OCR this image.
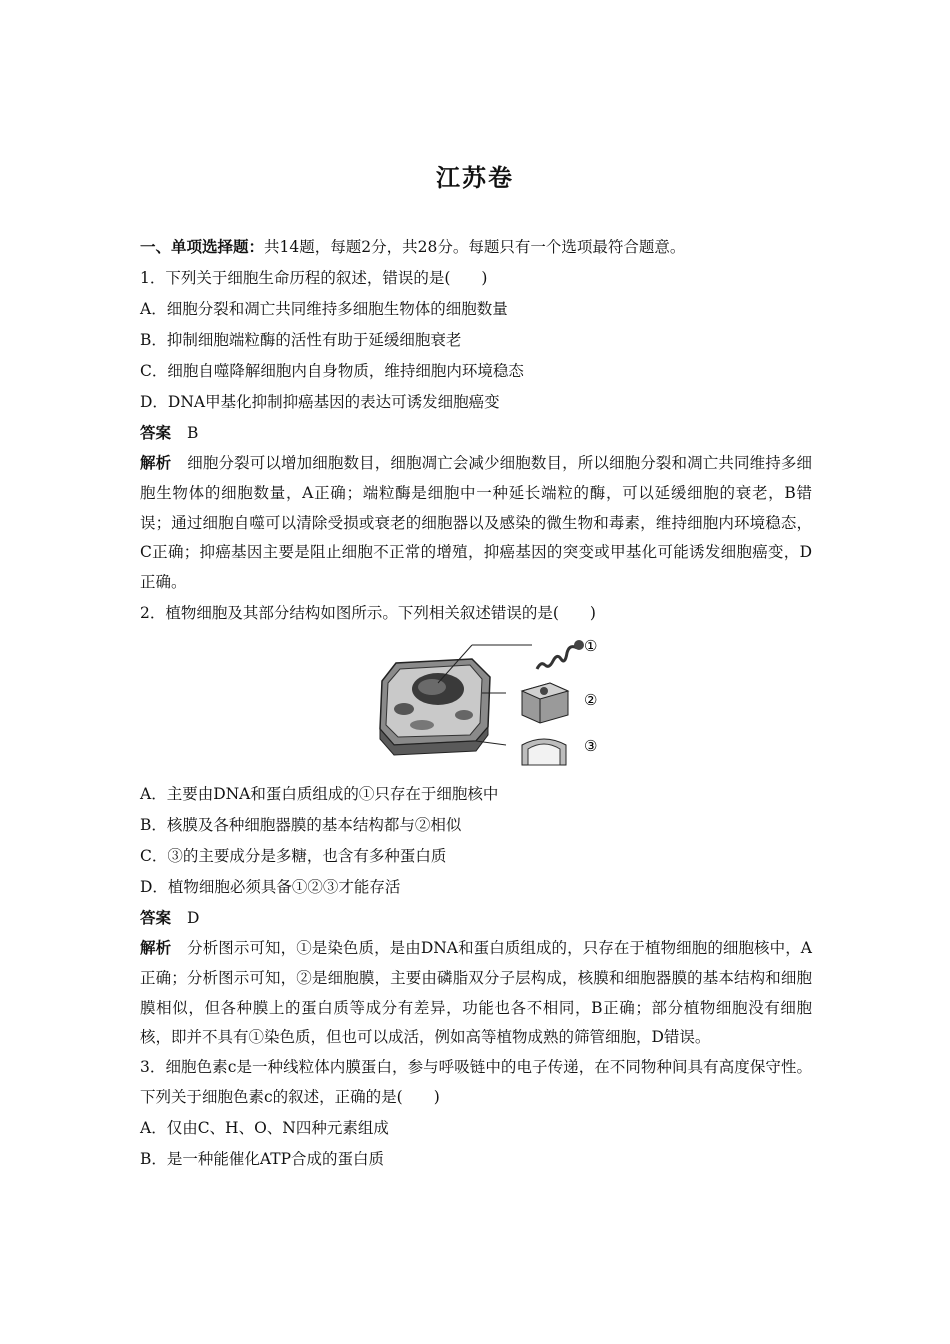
江苏卷
一、单项选择题：共14题，每题2分，共28分。每题只有一个选项最符合题意。
1．下列关于细胞生命历程的叙述，错误的是(　　)
A．细胞分裂和凋亡共同维持多细胞生物体的细胞数量
B．抑制细胞端粒酶的活性有助于延缓细胞衰老
C．细胞自噬降解细胞内自身物质，维持细胞内环境稳态
D．DNA甲基化抑制抑癌基因的表达可诱发细胞癌变
答案 B
解析 细胞分裂可以增加细胞数目，细胞凋亡会减少细胞数目，所以细胞分裂和凋亡共同维持多细胞生物体的细胞数量，A正确；端粒酶是细胞中一种延长端粒的酶，可以延缓细胞的衰老，B错误；通过细胞自噬可以清除受损或衰老的细胞器以及感染的微生物和毒素，维持细胞内环境稳态，C正确；抑癌基因主要是阻止细胞不正常的增殖，抑癌基因的突变或甲基化可能诱发细胞癌变，D正确。
2．植物细胞及其部分结构如图所示。下列相关叙述错误的是(　　)
①
②
③
A．主要由DNA和蛋白质组成的①只存在于细胞核中
B．核膜及各种细胞器膜的基本结构都与②相似
C．③的主要成分是多糖，也含有多种蛋白质
D．植物细胞必须具备①②③才能存活
答案 D
解析 分析图示可知，①是染色质，是由DNA和蛋白质组成的，只存在于植物细胞的细胞核中，A正确；分析图示可知，②是细胞膜，主要由磷脂双分子层构成，核膜和细胞器膜的基本结构和细胞膜相似，但各种膜上的蛋白质等成分有差异，功能也各不相同，B正确；部分植物细胞没有细胞核，即并不具有①染色质，但也可以成活，例如高等植物成熟的筛管细胞，D错误。
3．细胞色素c是一种线粒体内膜蛋白，参与呼吸链中的电子传递，在不同物种间具有高度保守性。下列关于细胞色素c的叙述，正确的是(　　)
A．仅由C、H、O、N四种元素组成
B．是一种能催化ATP合成的蛋白质
